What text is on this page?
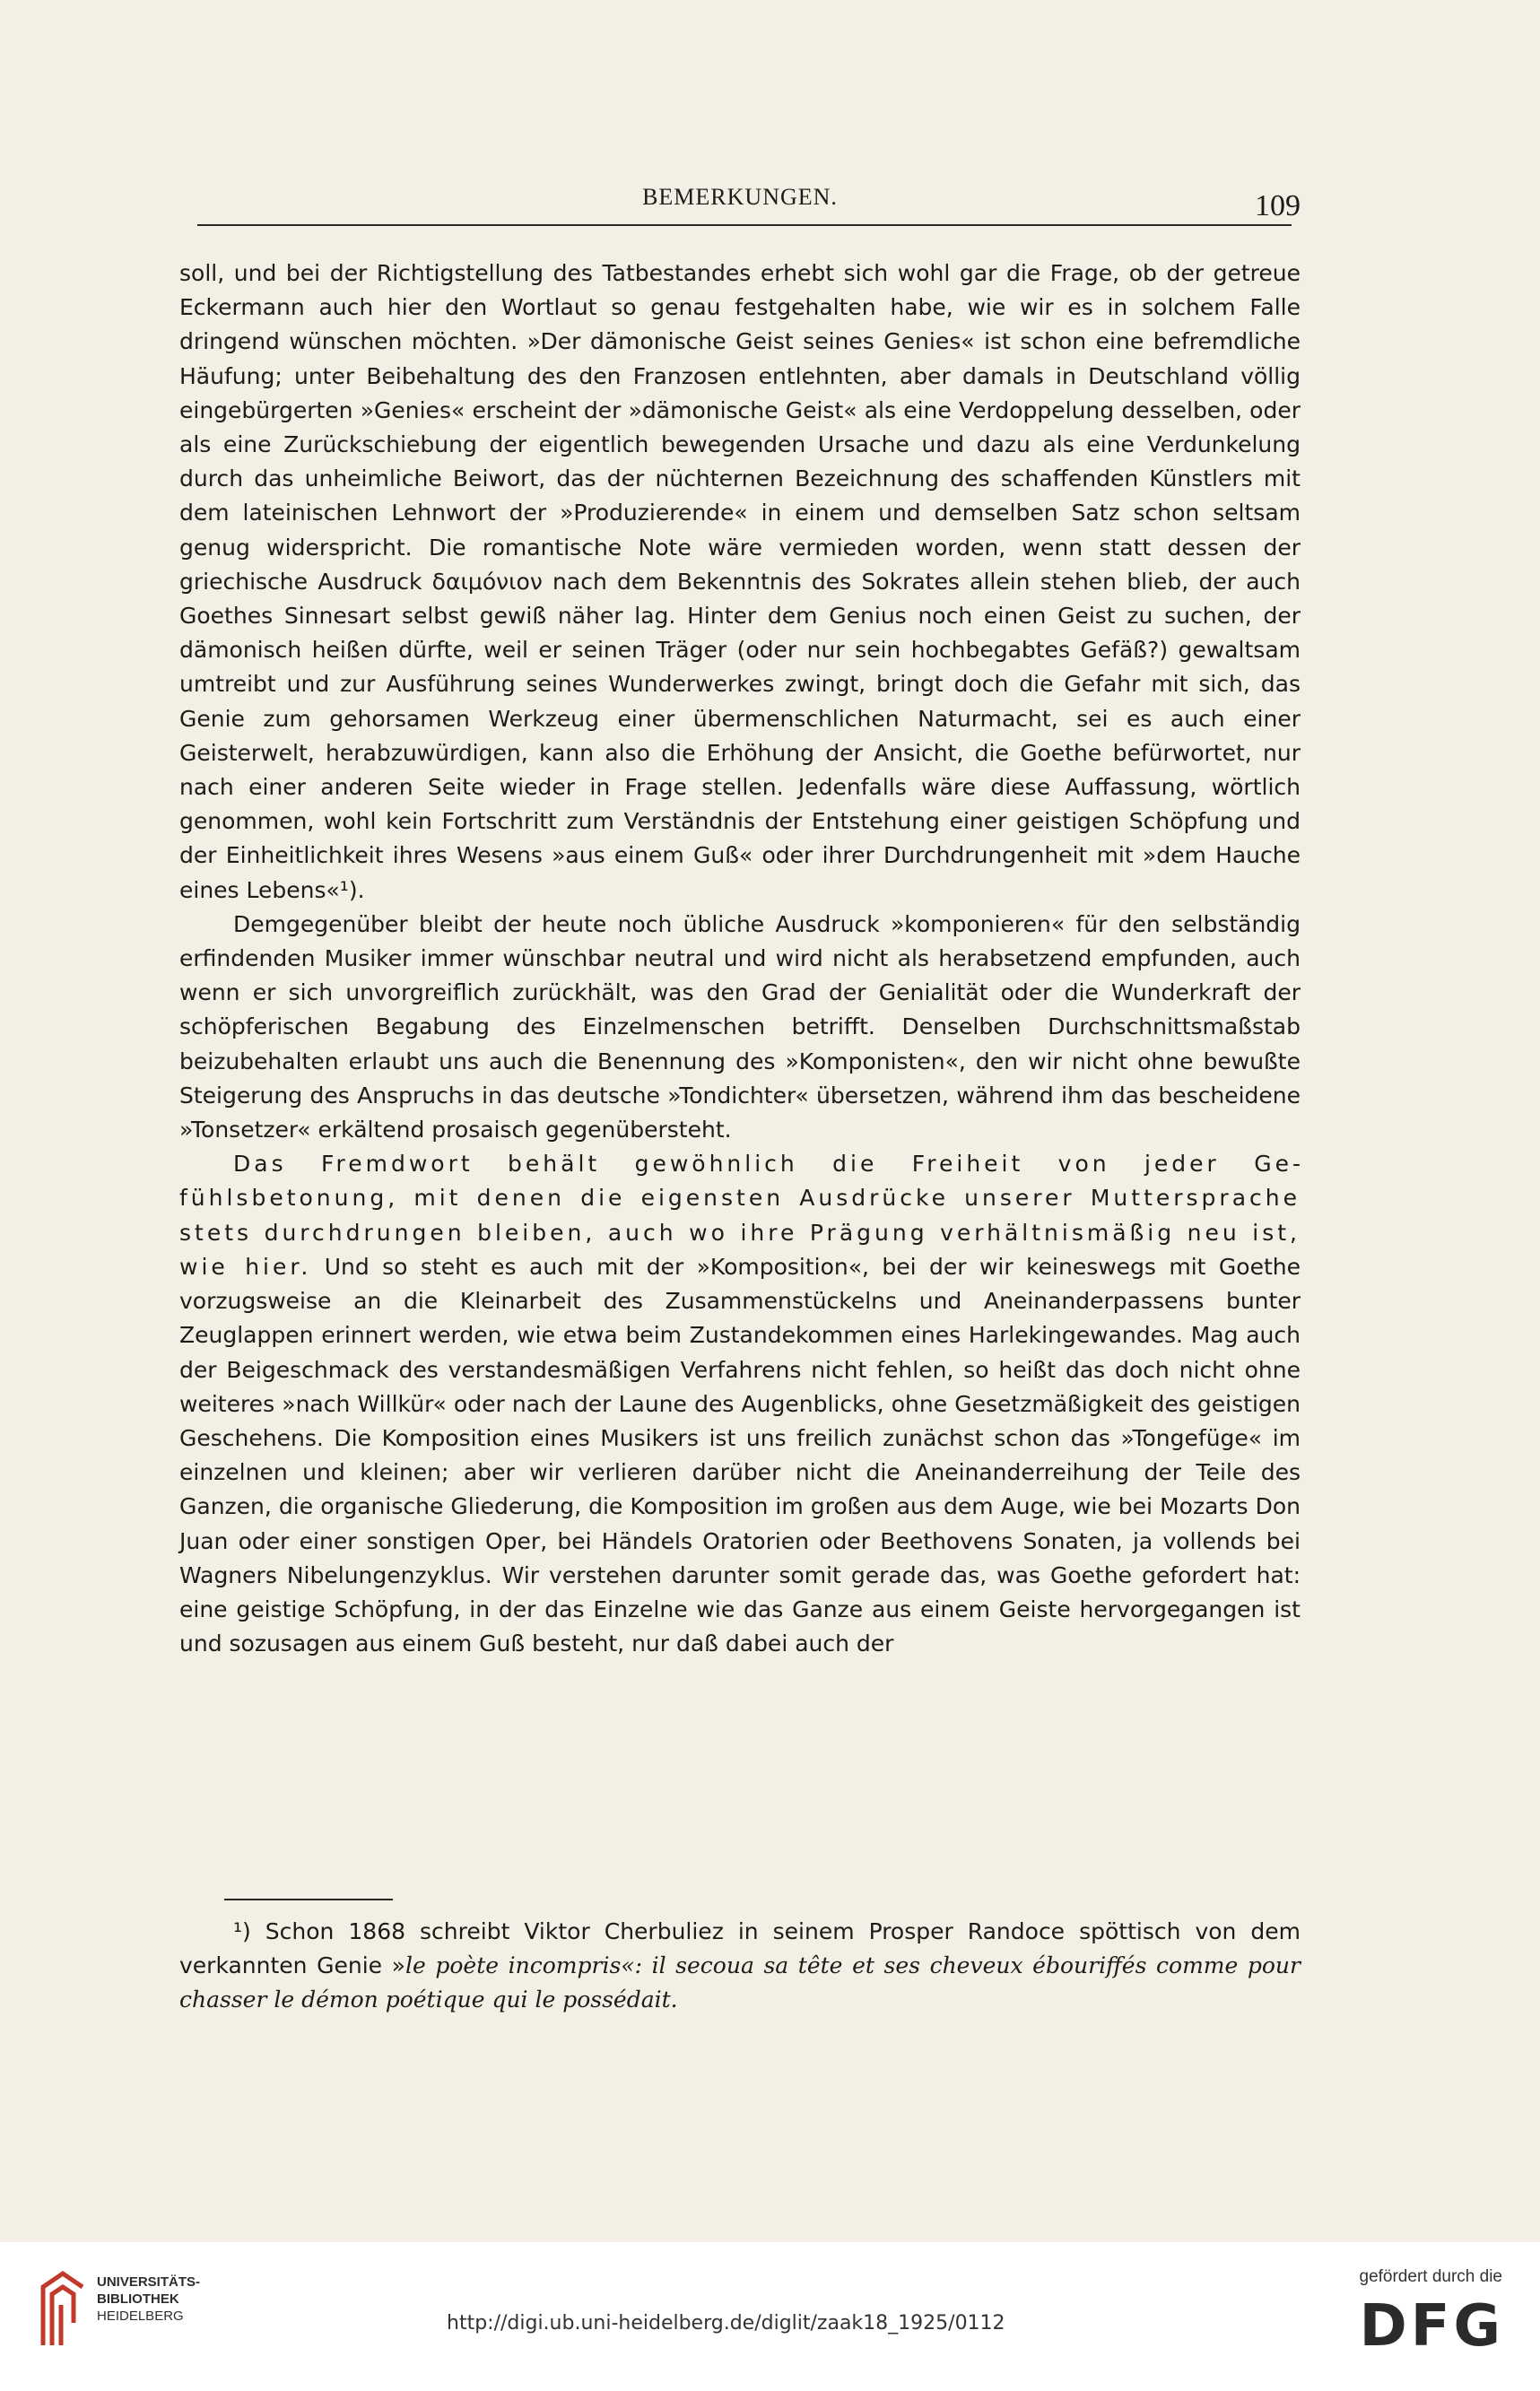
BEMERKUNGEN.	109

soll, und bei der Richtigstellung des Tatbestandes erhebt sich wohl gar die Frage, ob der getreue Eckermann auch hier den Wortlaut so genau festgehalten habe, wie wir es in solchem Falle dringend wünschen möchten. »Der dämonische Geist seines Genies« ist schon eine befremdliche Häufung; unter Beibehaltung des den Franzosen entlehnten, aber damals in Deutschland völlig eingebürgerten »Genies« erscheint der »dämonische Geist« als eine Verdoppelung desselben, oder als eine Zurückschiebung der eigentlich bewegenden Ursache und dazu als eine Verdunkelung durch das unheimliche Beiwort, das der nüchternen Bezeichnung des schaffenden Künstlers mit dem lateinischen Lehnwort der »Produzierende« in einem und demselben Satz schon seltsam genug widerspricht. Die romantische Note wäre vermieden worden, wenn statt dessen der griechische Ausdruck δαιμόνιον nach dem Bekenntnis des Sokrates allein stehen blieb, der auch Goethes Sinnesart selbst gewiß näher lag. Hinter dem Genius noch einen Geist zu suchen, der dämonisch heißen dürfte, weil er seinen Träger (oder nur sein hochbegabtes Gefäß?) gewaltsam umtreibt und zur Ausführung seines Wunderwerkes zwingt, bringt doch die Gefahr mit sich, das Genie zum gehorsamen Werkzeug einer übermenschlichen Naturmacht, sei es auch einer Geisterwelt, herabzuwürdigen, kann also die Erhöhung der Ansicht, die Goethe befürwortet, nur nach einer anderen Seite wieder in Frage stellen. Jedenfalls wäre diese Auffassung, wörtlich genommen, wohl kein Fortschritt zum Verständnis der Entstehung einer geistigen Schöpfung und der Einheitlichkeit ihres Wesens »aus einem Guß« oder ihrer Durchdrungenheit mit »dem Hauche eines Lebens«¹).

Demgegenüber bleibt der heute noch übliche Ausdruck »komponieren« für den selbständig erfindenden Musiker immer wünschbar neutral und wird nicht als herabsetzend empfunden, auch wenn er sich unvorgreiflich zurückhält, was den Grad der Genialität oder die Wunderkraft der schöpferischen Begabung des Einzelmenschen betrifft. Denselben Durchschnittsmaßstab beizubehalten erlaubt uns auch die Benennung des »Komponisten«, den wir nicht ohne bewußte Steigerung des Anspruchs in das deutsche »Tondichter« übersetzen, während ihm das bescheidene »Tonsetzer« erkältend prosaisch gegenübersteht.

Das Fremdwort behält gewöhnlich die Freiheit von jeder Gefühlsbetonung, mit denen die eigensten Ausdrücke unserer Muttersprache stets durchdrungen bleiben, auch wo ihre Prägung verhältnismäßig neu ist, wie hier. Und so steht es auch mit der »Komposition«, bei der wir keineswegs mit Goethe vorzugsweise an die Kleinarbeit des Zusammenstückelns und Aneinanderpassens bunter Zeuglappen erinnert werden, wie etwa beim Zustandekommen eines Harlekingewandes. Mag auch der Beigeschmack des verstandesmäßigen Verfahrens nicht fehlen, so heißt das doch nicht ohne weiteres »nach Willkür« oder nach der Laune des Augenblicks, ohne Gesetzmäßigkeit des geistigen Geschehens. Die Komposition eines Musikers ist uns freilich zunächst schon das »Tongefüge« im einzelnen und kleinen; aber wir verlieren darüber nicht die Aneinanderreihung der Teile des Ganzen, die organische Gliederung, die Komposition im großen aus dem Auge, wie bei Mozarts Don Juan oder einer sonstigen Oper, bei Händels Oratorien oder Beethovens Sonaten, ja vollends bei Wagners Nibelungenzyklus. Wir verstehen darunter somit gerade das, was Goethe gefordert hat: eine geistige Schöpfung, in der das Einzelne wie das Ganze aus einem Geiste hervorgegangen ist und sozusagen aus einem Guß besteht, nur daß dabei auch der

¹) Schon 1868 schreibt Viktor Cherbuliez in seinem Prosper Randoce spöttisch von dem verkannten Genie »le poète incompris«: il secoua sa tête et ses cheveux ébouriffés comme pour chasser le démon poétique qui le possédait.

UNIVERSITÄTS-
BIBLIOTHEK
HEIDELBERG	http://digi.ub.uni-heidelberg.de/diglit/zaak18_1925/0112
gefördert durch die
DFG
